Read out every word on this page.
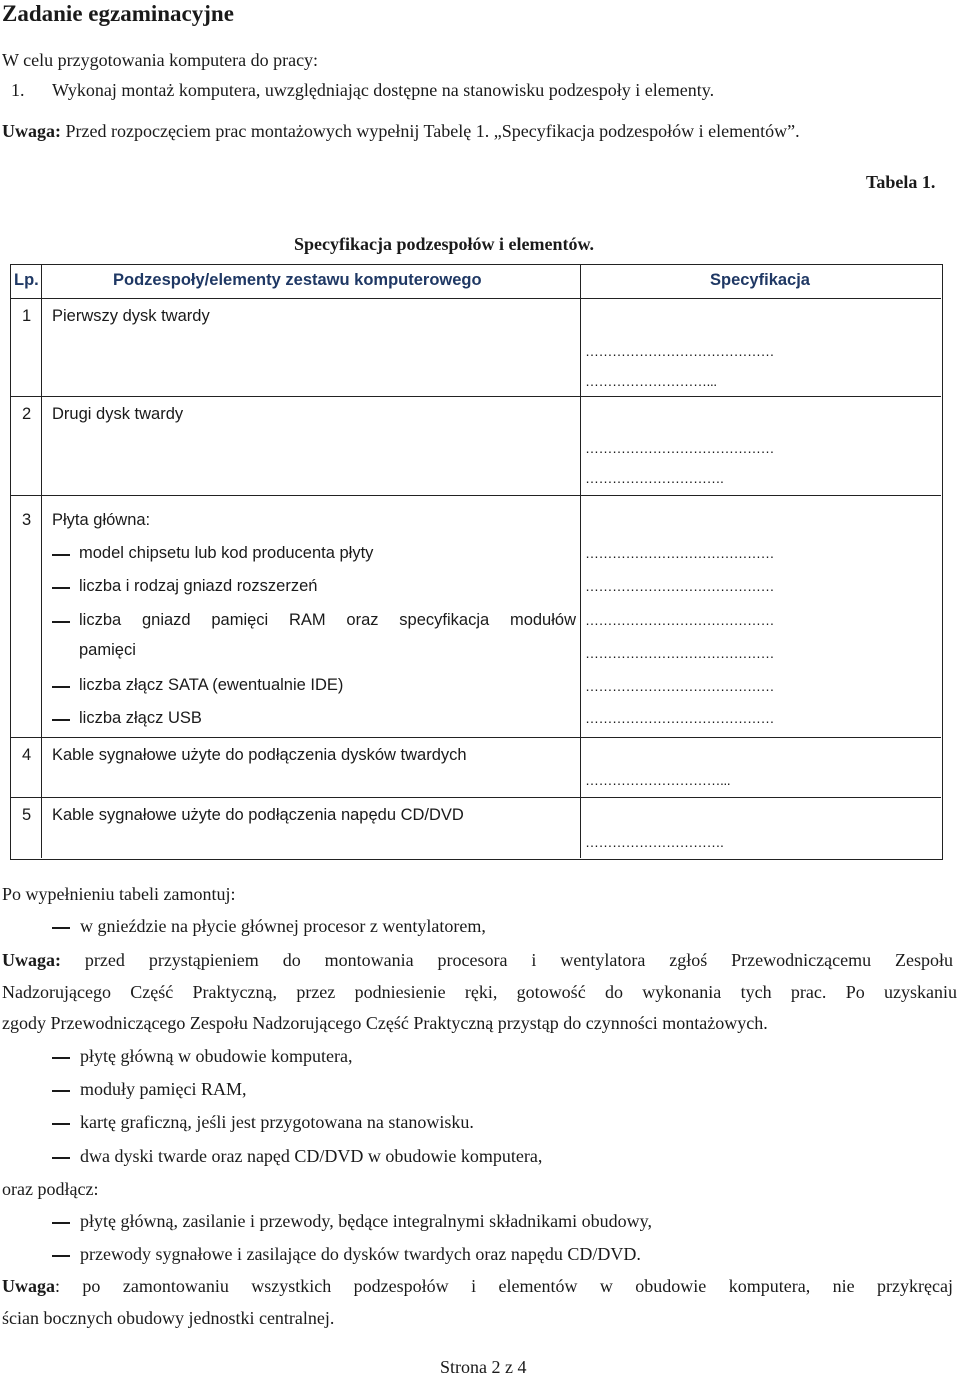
Zadanie egzaminacyjne
W celu przygotowania komputera do pracy:
1. Wykonaj montaż komputera, uwzględniając dostępne na stanowisku podzespoły i elementy.
Uwaga: Przed rozpoczęciem prac montażowych wypełnij Tabelę 1. „Specyfikacja podzespołów i elementów”.
Tabela 1.
Specyfikacja podzespołów i elementów.
Lp.	Podzespoły/elementy zestawu komputerowego	Specyfikacja
1 Pierwszy dysk twardy
……………………………………
………………………...
2 Drugi dysk twardy
……………………………………
………………………….
3 Płyta główna:
model chipsetu lub kod producenta płyty
liczba i rodzaj gniazd rozszerzeń
liczba gniazd pamięci RAM oraz specyfikacja modułów
pamięci
liczba złącz SATA (ewentualnie IDE)
liczba złącz USB
……………………………………
……………………………………
……………………………………
……………………………………
……………………………………
……………………………………
4 Kable sygnałowe użyte do podłączenia dysków twardych
…………………………...
5 Kable sygnałowe użyte do podłączenia napędu CD/DVD
………………………….
Po wypełnieniu tabeli zamontuj:
w gnieździe na płycie głównej procesor z wentylatorem,
Uwaga: przed przystąpieniem do montowania procesora i wentylatora zgłoś Przewodniczącemu Zespołu
Nadzorującego Część Praktyczną, przez podniesienie ręki, gotowość do wykonania tych prac. Po uzyskaniu
zgody Przewodniczącego Zespołu Nadzorującego Część Praktyczną przystąp do czynności montażowych.
płytę główną w obudowie komputera,
moduły pamięci RAM,
kartę graficzną, jeśli jest przygotowana na stanowisku.
dwa dyski twarde oraz napęd CD/DVD w obudowie komputera,
oraz podłącz:
płytę główną, zasilanie i przewody, będące integralnymi składnikami obudowy,
przewody sygnałowe i zasilające do dysków twardych oraz napędu CD/DVD.
Uwaga: po zamontowaniu wszystkich podzespołów i elementów w obudowie komputera, nie przykręcaj
ścian bocznych obudowy jednostki centralnej.
Strona 2 z 4
